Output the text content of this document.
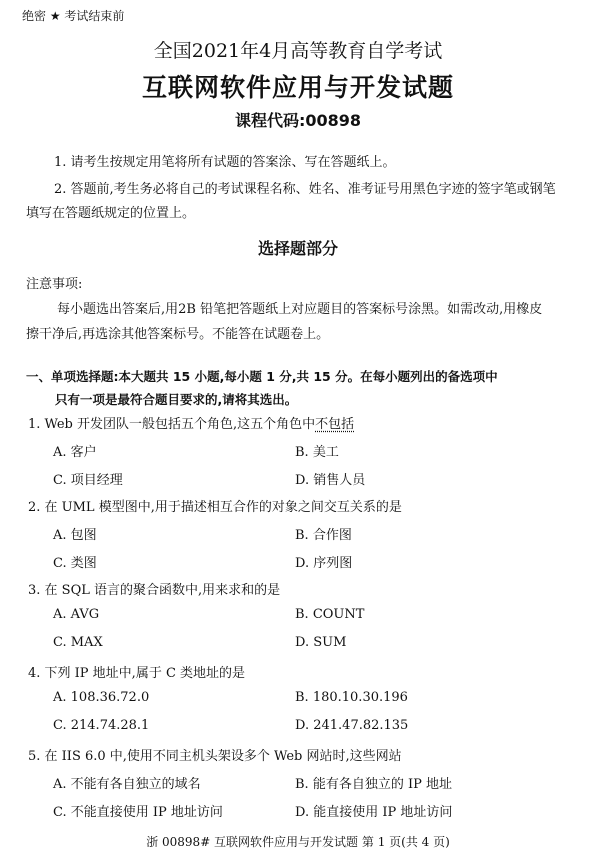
绝密 ★ 考试结束前
全国2021年4月高等教育自学考试
互联网软件应用与开发试题
课程代码:00898
1. 请考生按规定用笔将所有试题的答案涂、写在答题纸上。
2. 答题前,考生务必将自己的考试课程名称、姓名、准考证号用黑色字迹的签字笔或钢笔
填写在答题纸规定的位置上。
选择题部分
注意事项:
每小题选出答案后,用2B 铅笔把答题纸上对应题目的答案标号涂黑。如需改动,用橡皮
擦干净后,再选涂其他答案标号。不能答在试题卷上。
一、单项选择题:本大题共 15 小题,每小题 1 分,共 15 分。在每小题列出的备选项中
只有一项是最符合题目要求的,请将其选出。
1. Web 开发团队一般包括五个角色,这五个角色中不包括
A. 客户	B. 美工
C. 项目经理	D. 销售人员
2. 在 UML 模型图中,用于描述相互合作的对象之间交互关系的是
A. 包图	B. 合作图
C. 类图	D. 序列图
3. 在 SQL 语言的聚合函数中,用来求和的是
A. AVG	B. COUNT
C. MAX	D. SUM
4. 下列 IP 地址中,属于 C 类地址的是
A. 108.36.72.0	B. 180.10.30.196
C. 214.74.28.1	D. 241.47.82.135
5. 在 IIS 6.0 中,使用不同主机头架设多个 Web 网站时,这些网站
A. 不能有各自独立的域名	B. 能有各自独立的 IP 地址
C. 不能直接使用 IP 地址访问	D. 能直接使用 IP 地址访问
浙 00898# 互联网软件应用与开发试题 第 1 页(共 4 页)
